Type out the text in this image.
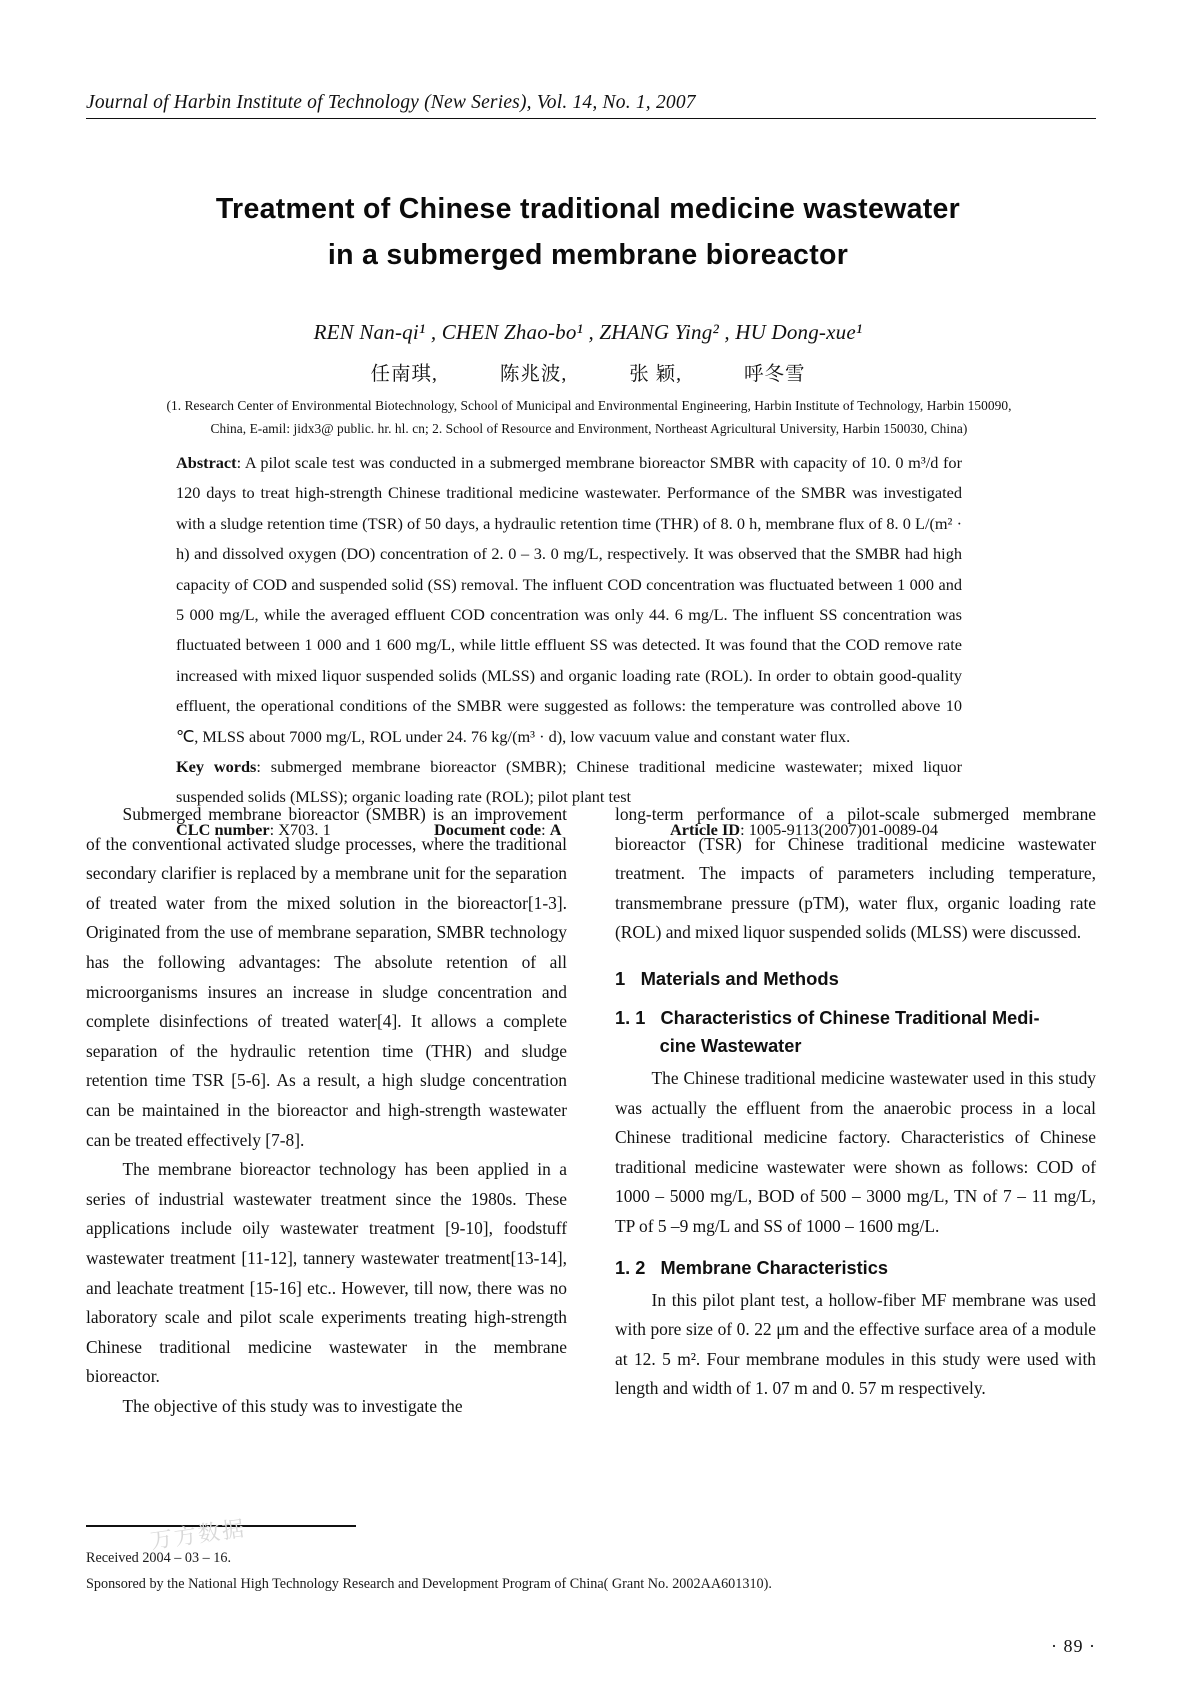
Journal of Harbin Institute of Technology (New Series), Vol. 14, No. 1, 2007
Treatment of Chinese traditional medicine wastewater
in a submerged membrane bioreactor
REN Nan-qi¹ , CHEN Zhao-bo¹ , ZHANG Ying² , HU Dong-xue¹
任南琪,	陈兆波,	张 颖,	呼冬雪
(1. Research Center of Environmental Biotechnology, School of Municipal and Environmental Engineering, Harbin Institute of Technology, Harbin 150090,
China, E-amil: jidx3@ public. hr. hl. cn; 2. School of Resource and Environment, Northeast Agricultural University, Harbin 150030, China)

Abstract: A pilot scale test was conducted in a submerged membrane bioreactor SMBR with capacity of 10. 0 m³/d for 120 days to treat high-strength Chinese traditional medicine wastewater. Performance of the SMBR was investigated with a sludge retention time (TSR) of 50 days, a hydraulic retention time (THR) of 8. 0 h, membrane flux of 8. 0 L/(m² · h) and dissolved oxygen (DO) concentration of 2. 0 – 3. 0 mg/L, respectively. It was observed that the SMBR had high capacity of COD and suspended solid (SS) removal. The influent COD concentration was fluctuated between 1 000 and 5 000 mg/L, while the averaged effluent COD concentration was only 44. 6 mg/L. The influent SS concentration was fluctuated between 1 000 and 1 600 mg/L, while little effluent SS was detected. It was found that the COD remove rate increased with mixed liquor suspended solids (MLSS) and organic loading rate (ROL). In order to obtain good-quality effluent, the operational conditions of the SMBR were suggested as follows: the temperature was controlled above 10 ℃, MLSS about 7000 mg/L, ROL under 24. 76 kg/(m³ · d), low vacuum value and constant water flux.

Key words: submerged membrane bioreactor (SMBR); Chinese traditional medicine wastewater; mixed liquor suspended solids (MLSS); organic loading rate (ROL); pilot plant test

CLC number: X703. 1	Document code: A	Article ID: 1005-9113(2007)01-0089-04

Submerged membrane bioreactor (SMBR) is an improvement of the conventional activated sludge processes, where the traditional secondary clarifier is replaced by a membrane unit for the separation of treated water from the mixed solution in the bioreactor[1-3]. Originated from the use of membrane separation, SMBR technology has the following advantages: The absolute retention of all microorganisms insures an increase in sludge concentration and complete disinfections of treated water[4]. It allows a complete separation of the hydraulic retention time (THR) and sludge retention time TSR [5-6]. As a result, a high sludge concentration can be maintained in the bioreactor and high-strength wastewater can be treated effectively [7-8].

The membrane bioreactor technology has been applied in a series of industrial wastewater treatment since the 1980s. These applications include oily wastewater treatment [9-10], foodstuff wastewater treatment [11-12], tannery wastewater treatment[13-14], and leachate treatment [15-16] etc.. However, till now, there was no laboratory scale and pilot scale experiments treating high-strength Chinese traditional medicine wastewater in the membrane bioreactor.

The objective of this study was to investigate the

long-term performance of a pilot-scale submerged membrane bioreactor (TSR) for Chinese traditional medicine wastewater treatment. The impacts of parameters including temperature, transmembrane pressure (pTM), water flux, organic loading rate (ROL) and mixed liquor suspended solids (MLSS) were discussed.

1 Materials and Methods
1. 1 Characteristics of Chinese Traditional Medi-
cine Wastewater

The Chinese traditional medicine wastewater used in this study was actually the effluent from the anaerobic process in a local Chinese traditional medicine factory. Characteristics of Chinese traditional medicine wastewater were shown as follows: COD of 1000 – 5000 mg/L, BOD of 500 – 3000 mg/L, TN of 7 – 11 mg/L, TP of 5 –9 mg/L and SS of 1000 – 1600 mg/L.

1. 2 Membrane Characteristics

In this pilot plant test, a hollow-fiber MF membrane was used with pore size of 0. 22 μm and the effective surface area of a module at 12. 5 m². Four membrane modules in this study were used with length and width of 1. 07 m and 0. 57 m respectively.

万方数据
Received 2004 – 03 – 16.
Sponsored by the National High Technology Research and Development Program of China( Grant No. 2002AA601310).
· 89 ·
